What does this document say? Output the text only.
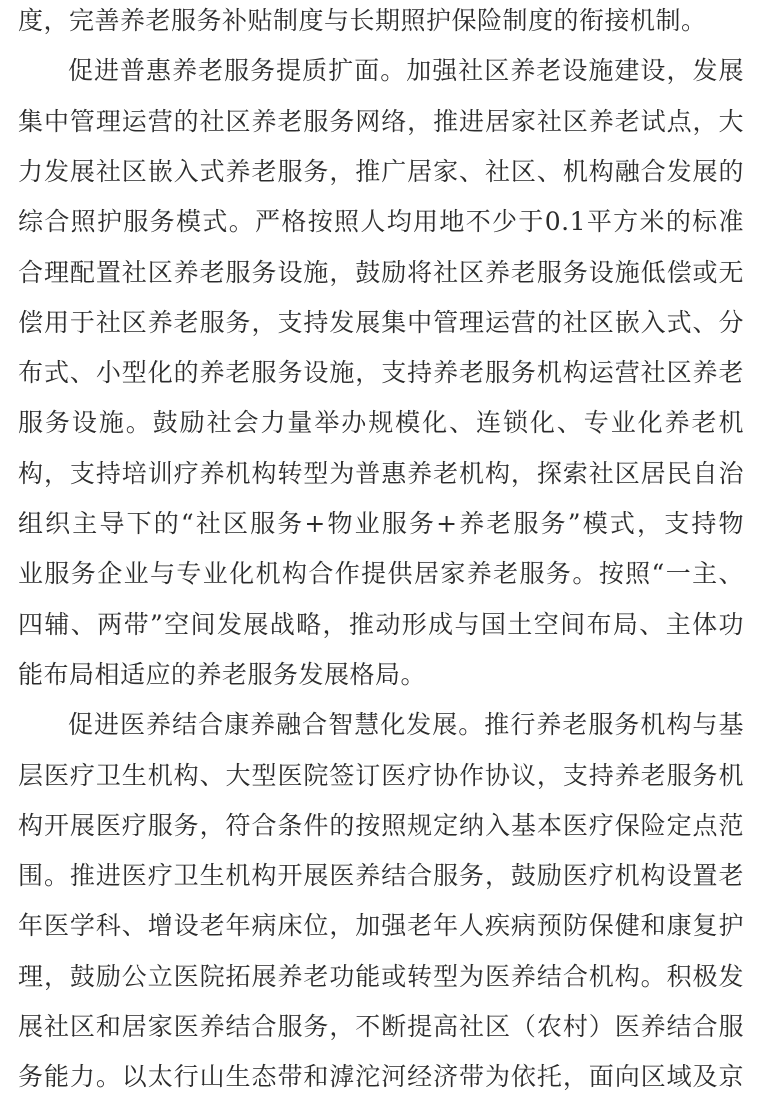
度，完善养老服务补贴制度与长期照护保险制度的衔接机制。
促进普惠养老服务提质扩面。加强社区养老设施建设，发展
集中管理运营的社区养老服务网络，推进居家社区养老试点，大
力发展社区嵌入式养老服务，推广居家、社区、机构融合发展的
综合照护服务模式。严格按照人均用地不少于0.1平方米的标准
合理配置社区养老服务设施，鼓励将社区养老服务设施低偿或无
偿用于社区养老服务，支持发展集中管理运营的社区嵌入式、分
布式、小型化的养老服务设施，支持养老服务机构运营社区养老
服务设施。鼓励社会力量举办规模化、连锁化、专业化养老机
构，支持培训疗养机构转型为普惠养老机构，探索社区居民自治
组织主导下的“社区服务+物业服务+养老服务”模式，支持物
业服务企业与专业化机构合作提供居家养老服务。按照“一主、
四辅、两带”空间发展战略，推动形成与国土空间布局、主体功
能布局相适应的养老服务发展格局。
促进医养结合康养融合智慧化发展。推行养老服务机构与基
层医疗卫生机构、大型医院签订医疗协作协议，支持养老服务机
构开展医疗服务，符合条件的按照规定纳入基本医疗保险定点范
围。推进医疗卫生机构开展医养结合服务，鼓励医疗机构设置老
年医学科、增设老年病床位，加强老年人疾病预防保健和康复护
理，鼓励公立医院拓展养老功能或转型为医养结合机构。积极发
展社区和居家医养结合服务，不断提高社区（农村）医养结合服
务能力。以太行山生态带和滹沱河经济带为依托，面向区域及京
